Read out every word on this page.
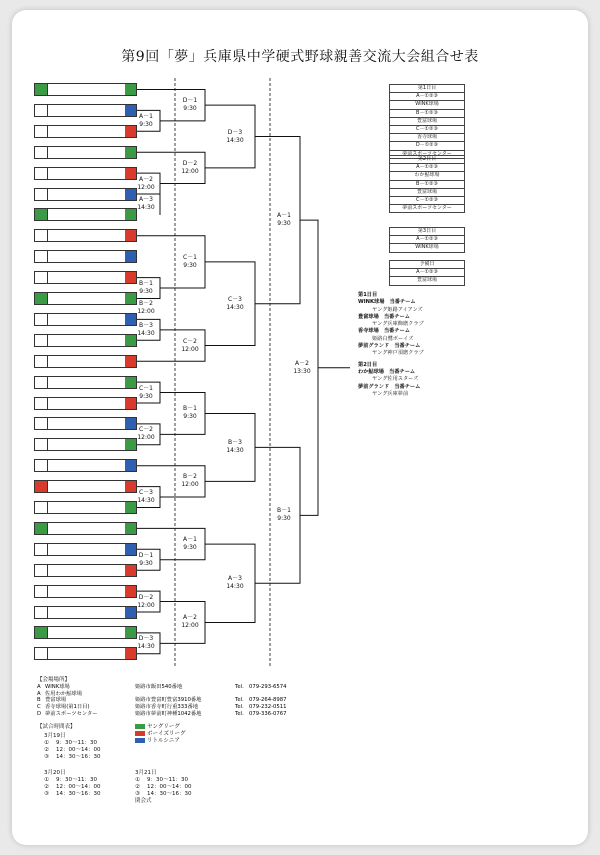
第9回「夢」兵庫県中学硬式野球親善交流大会組合せ表
D－1
9:30
A－1
9:30
A－2
12:00
D－2
12:00
A－3
14:30
B－1
9:30
C－1
9:30
B－2
12:00
B－3
14:30
C－2
12:00
C－1
9:30
B－1
9:30
C－2
12:00
C－3
14:30
B－2
12:00
A－1
9:30
D－1
9:30
D－2
12:00
A－2
12:00
D－3
14:30
D－3
14:30
C－3
14:30
B－3
14:30
A－3
14:30
A－1
9:30
B－1
9:30
A－2
13:30
第1日目
A－①②③
WINK球場
B－①②③
豊富球場
C－①②③
香寺球場
D－①②③
夢前スポーツセンター
第2日目
A－①②③
わか鮎球場
B－①②③
豊富球場
C－①②③
夢前スポーツセンター
第3日目
A－①②③
WINK球場
予備日
A－①②③
豊富球場
第1日目
WINK球場　当番チーム
ヤング姫路アイアンズ
豊富球場　当番チーム
ヤング兵庫飾磨クラブ
香寺球場　当番チーム
姫路白鷺ボーイズ
夢前グランド　当番チーム
ヤング神戸須磨クラブ
第2日目
わか鮎球場　当番チーム
ヤング佐用スターズ
夢前グランド　当番チーム
ヤング兵庫夢前
【会場場所】
A WINK球場	姫路市飯田540番地	Tel. 079-293-6574
A 佐用わか鮎球場
B 豊富球場	姫路市豊富町豊富3910番地	Tel. 079-264-8987
C 香寺球場(第1日目)	姫路市香寺町行重333番地	Tel. 079-232-0511
D 夢前スポーツセンター	姫路市夢前町神種1042番地	Tel. 079-336-0767
【試合時間表】
3月19日
① 9：30〜11：30
② 12：00〜14：00
③ 14：30〜16：30
3月20日
① 9：30〜11：30
② 12：00〜14：00
③ 14：30〜16：30
3月21日
① 9：30〜11：30
② 12：00〜14：00
③ 14：30〜16：30
閉会式
ヤングリーグ
ボーイズリーグ
リトルシニア
